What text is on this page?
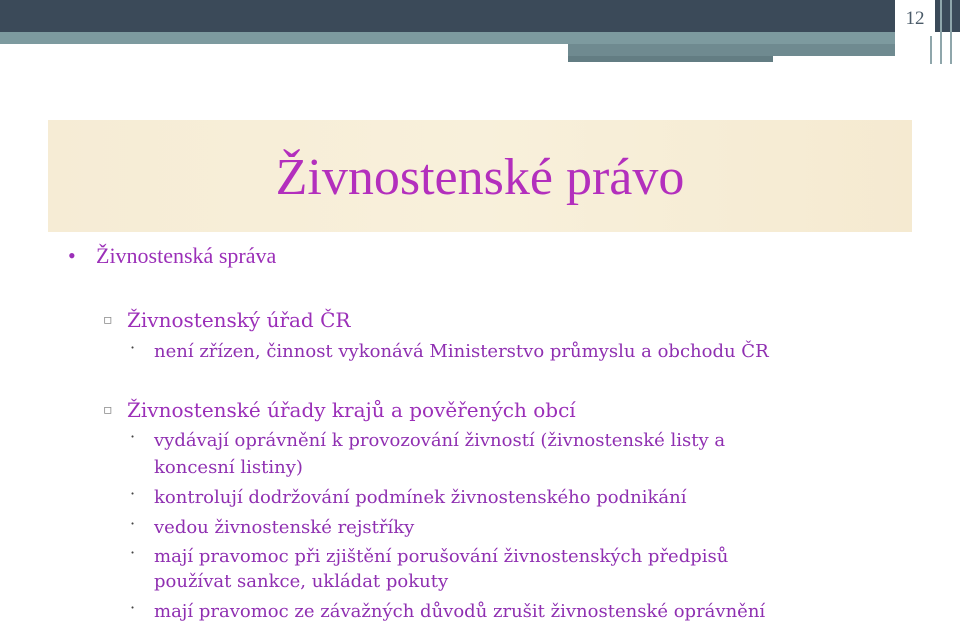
12
Živnostenské právo
• Živnostenská správa
▫ Živnostenský úřad ČR
· není zřízen, činnost vykonává Ministerstvo průmyslu a obchodu ČR
▫ Živnostenské úřady krajů a pověřených obcí
· vydávají oprávnění k provozování živností (živnostenské listy a
koncesní listiny)
· kontrolují dodržování podmínek živnostenského podnikání
· vedou živnostenské rejstříky
· mají pravomoc při zjištění porušování živnostenských předpisů
používat sankce, ukládat pokuty
· mají pravomoc ze závažných důvodů zrušit živnostenské oprávnění
